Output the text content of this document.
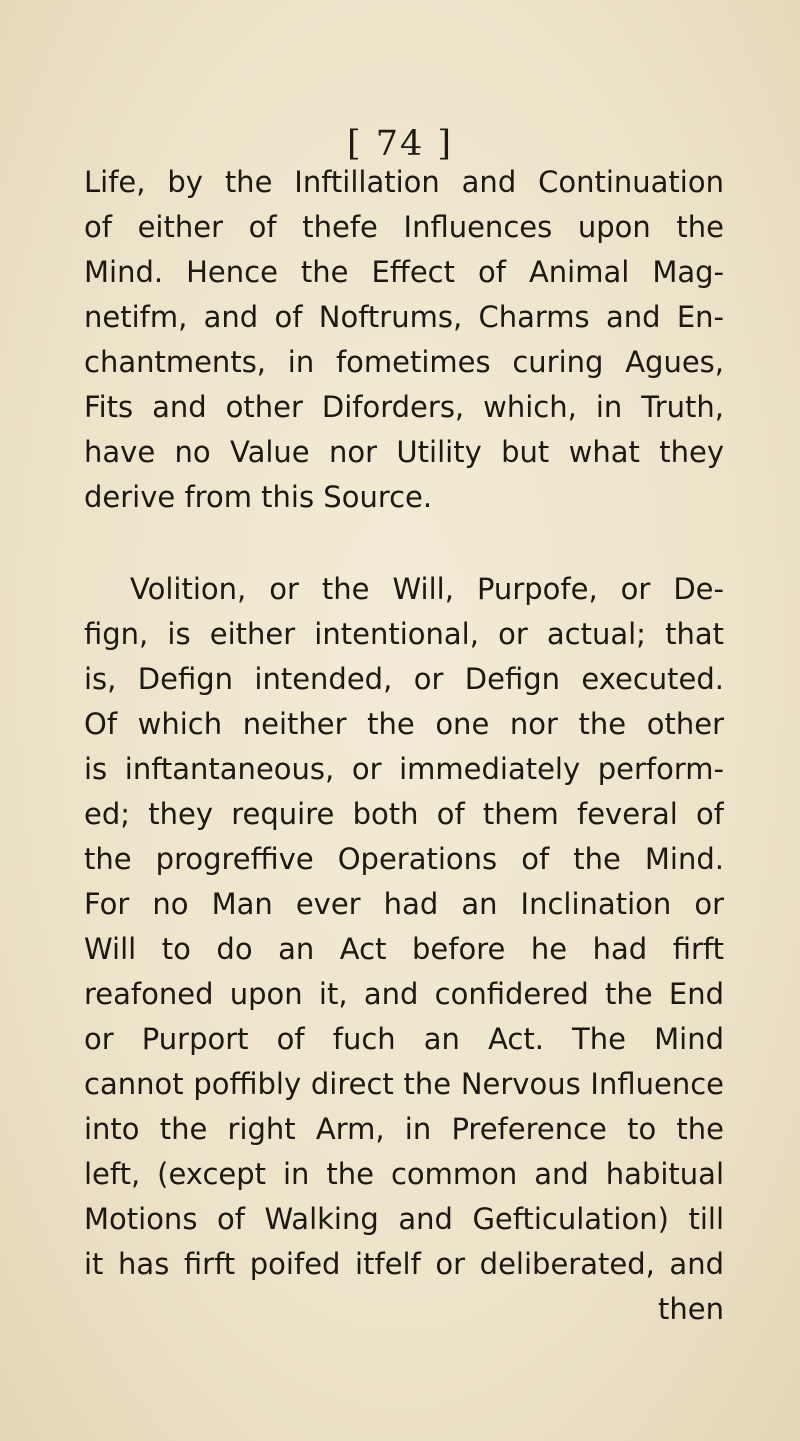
[ 74 ]
Life, by the Inftillation and Continuation
of either of thefe Influences upon the
Mind. Hence the Effect of Animal Mag-
netifm, and of Noftrums, Charms and En-
chantments, in fometimes curing Agues,
Fits and other Diforders, which, in Truth,
have no Value nor Utility but what they
derive from this Source.
Volition, or the Will, Purpofe, or De-
fign, is either intentional, or actual; that
is, Defign intended, or Defign executed.
Of which neither the one nor the other
is inftantaneous, or immediately perform-
ed; they require both of them feveral of
the progreffive Operations of the Mind.
For no Man ever had an Inclination or
Will to do an Act before he had firft
reafoned upon it, and confidered the End
or Purport of fuch an Act. The Mind
cannot poffibly direct the Nervous Influence
into the right Arm, in Preference to the
left, (except in the common and habitual
Motions of Walking and Gefticulation) till
it has firft poifed itfelf or deliberated, and
then
